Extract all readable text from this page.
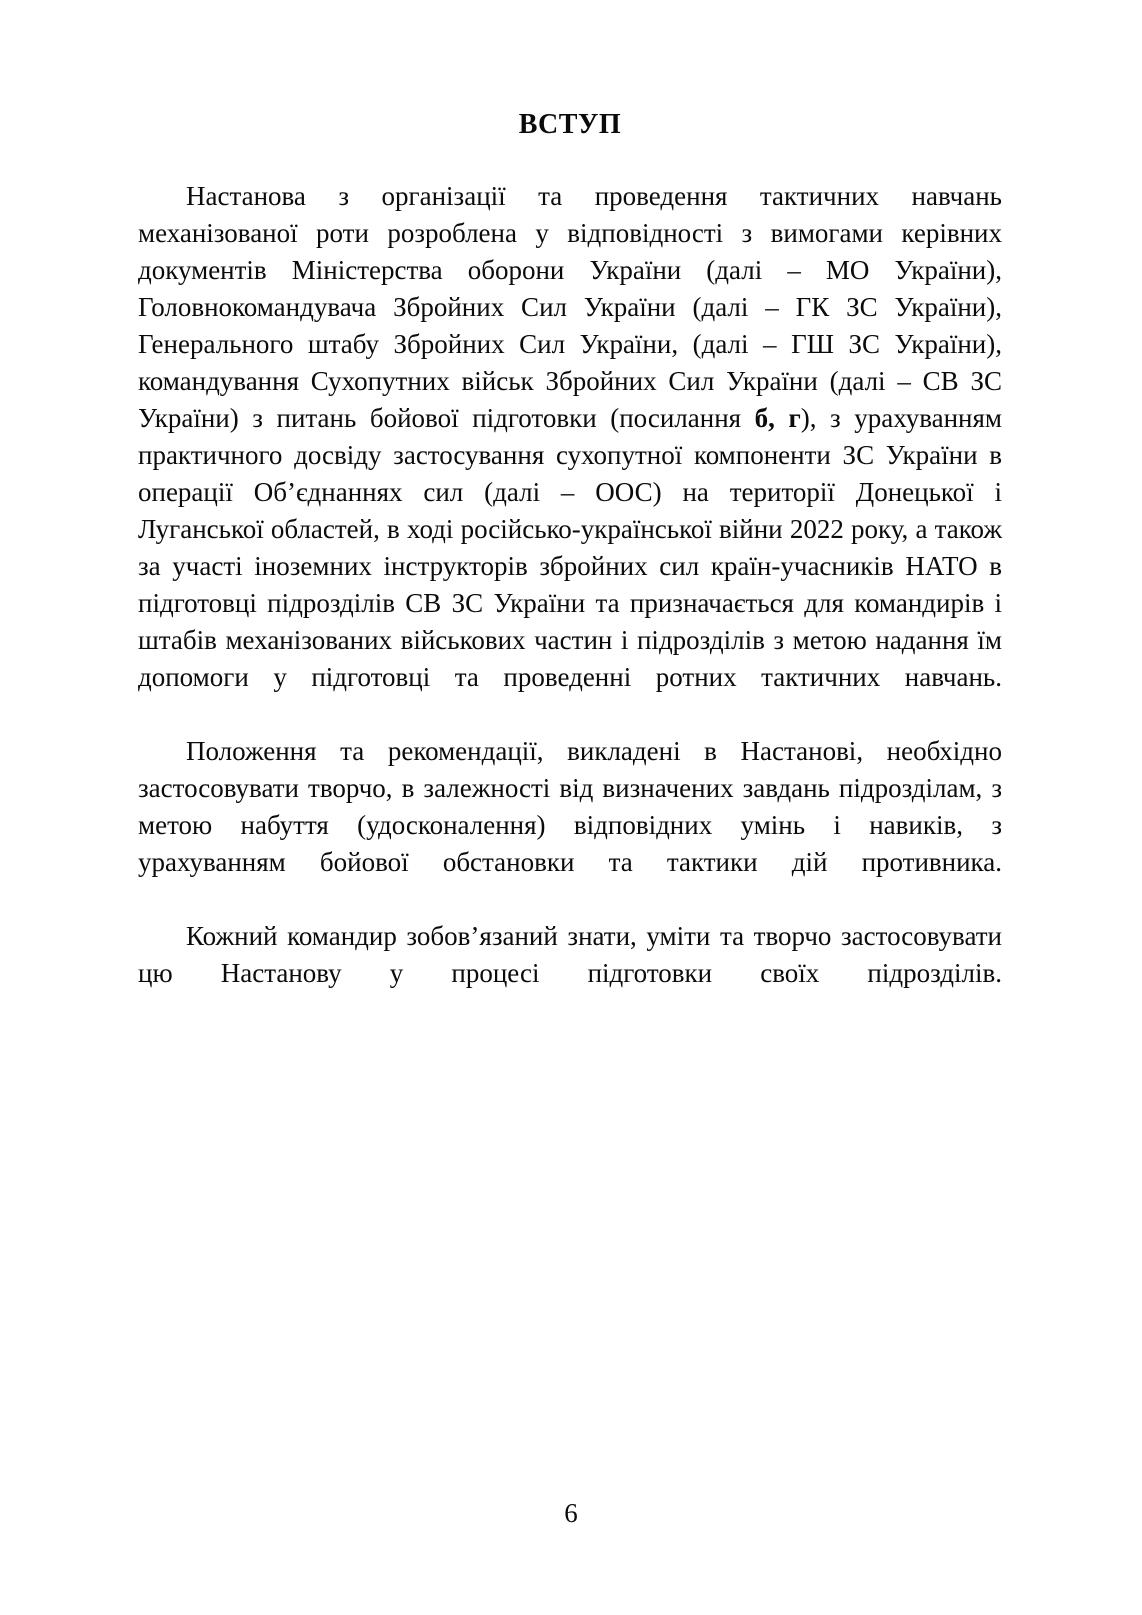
ВСТУП

Настанова з організації та проведення тактичних навчань механізованої роти розроблена у відповідності з вимогами керівних документів Міністерства оборони України (далі – МО України), Головнокомандувача Збройних Сил України (далі – ГК ЗС України), Генерального штабу Збройних Сил України, (далі – ГШ ЗС України), командування Сухопутних військ Збройних Сил України (далі – СВ ЗС України) з питань бойової підготовки (посилання б, г), з урахуванням практичного досвіду застосування сухопутної компоненти ЗС України в операції Об’єднаннях сил (далі – ООС) на території Донецької і Луганської областей, в ході російсько-української війни 2022 року, а також за участі іноземних інструкторів збройних сил країн-учасників НАТО в підготовці підрозділів СВ ЗС України та призначається для командирів і штабів механізованих військових частин і підрозділів з метою надання їм допомоги у підготовці та проведенні ротних тактичних навчань.

Положення та рекомендації, викладені в Настанові, необхідно застосовувати творчо, в залежності від визначених завдань підрозділам, з метою набуття (удосконалення) відповідних умінь і навиків, з урахуванням бойової обстановки та тактики дій противника.

Кожний командир зобов’язаний знати, уміти та творчо застосовувати цю Настанову у процесі підготовки своїх підрозділів.

6
